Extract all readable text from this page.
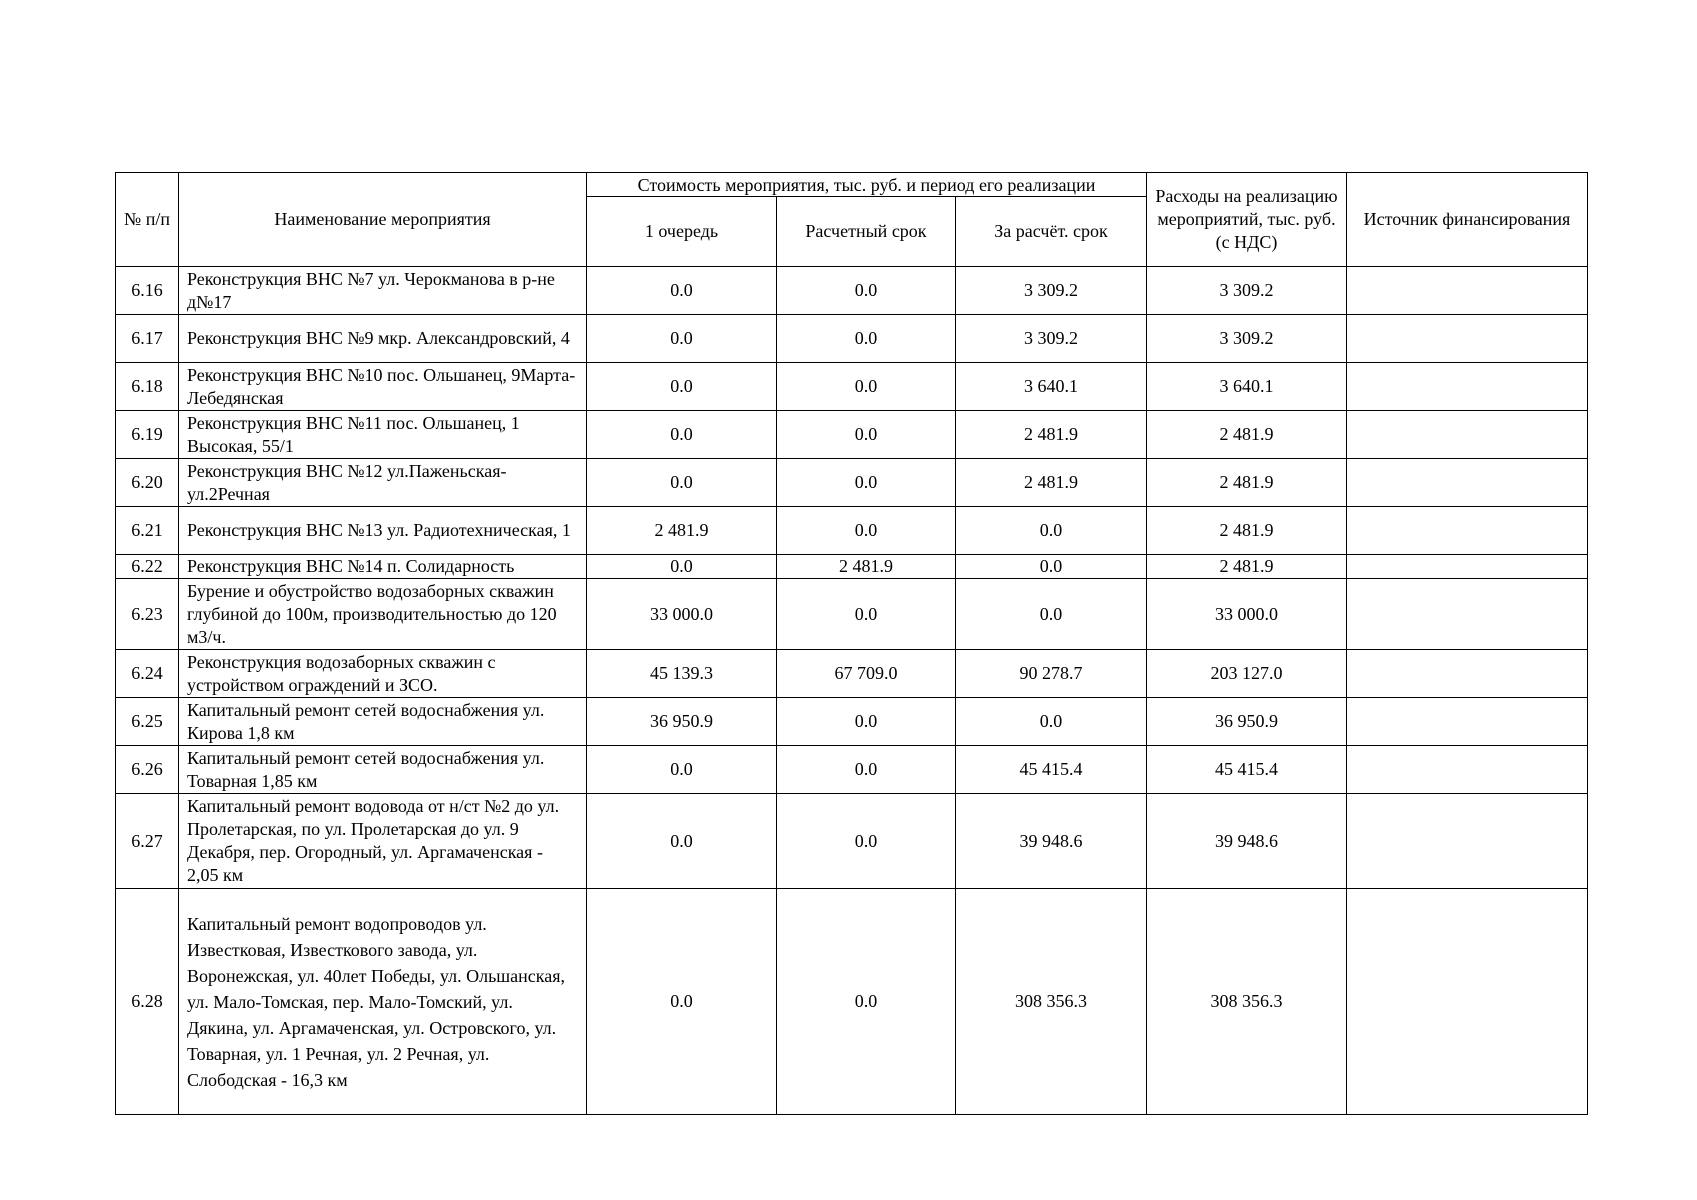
№ п/п	Наименование мероприятия	Стоимость мероприятия, тыс. руб. и период его реализации			Расходы на реализацию мероприятий, тыс. руб. (с НДС)	Источник финансирования
		1 очередь	Расчетный срок	За расчёт. срок		
6.16	Реконструкция ВНС №7 ул. Черокманова в р-не д№17	0.0	0.0	3 309.2	3 309.2	
6.17	Реконструкция ВНС №9 мкр. Александровский, 4	0.0	0.0	3 309.2	3 309.2	
6.18	Реконструкция ВНС №10 пос. Ольшанец, 9Марта-Лебедянская	0.0	0.0	3 640.1	3 640.1	
6.19	Реконструкция ВНС №11 пос. Ольшанец, 1 Высокая, 55/1	0.0	0.0	2 481.9	2 481.9	
6.20	Реконструкция ВНС №12 ул.Паженьская-ул.2Речная	0.0	0.0	2 481.9	2 481.9	
6.21	Реконструкция ВНС №13 ул. Радиотехническая, 1	2 481.9	0.0	0.0	2 481.9	
6.22	Реконструкция ВНС №14 п. Солидарность	0.0	2 481.9	0.0	2 481.9	
6.23	Бурение и обустройство водозаборных скважин глубиной до 100м, производительностью до 120 м3/ч.	33 000.0	0.0	0.0	33 000.0	
6.24	Реконструкция водозаборных скважин с устройством ограждений и ЗСО.	45 139.3	67 709.0	90 278.7	203 127.0	
6.25	Капитальный ремонт сетей водоснабжения ул. Кирова 1,8 км	36 950.9	0.0	0.0	36 950.9	
6.26	Капитальный ремонт сетей водоснабжения ул. Товарная 1,85 км	0.0	0.0	45 415.4	45 415.4	
6.27	Капитальный ремонт водовода от н/ст №2 до ул. Пролетарская, по ул. Пролетарская до ул. 9 Декабря, пер. Огородный, ул. Аргамаченская - 2,05 км	0.0	0.0	39 948.6	39 948.6	
6.28	Капитальный ремонт водопроводов ул. Известковая, Известкового завода, ул. Воронежская, ул. 40лет Победы, ул. Ольшанская, ул. Мало-Томская, пер. Мало-Томский, ул. Дякина, ул. Аргамаченская, ул. Островского, ул. Товарная, ул. 1 Речная, ул. 2 Речная, ул. Слободская - 16,3 км	0.0	0.0	308 356.3	308 356.3	
